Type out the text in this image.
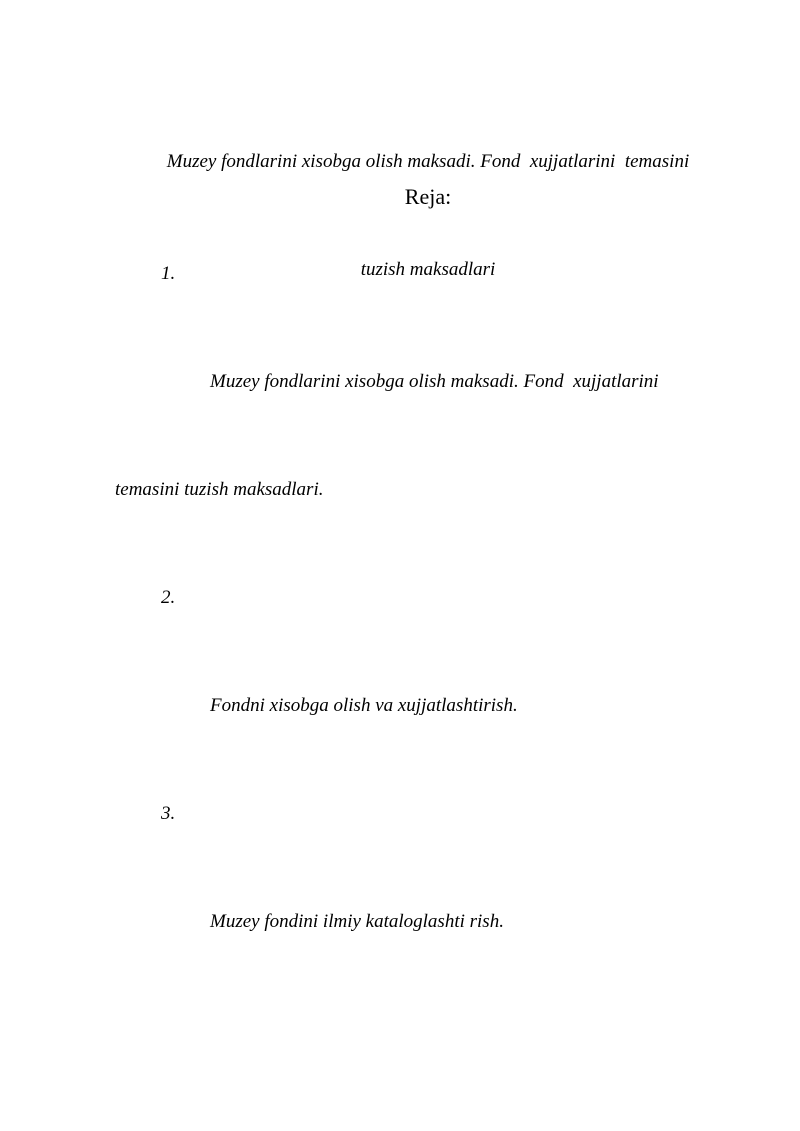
Muzey fondlarini xisobga olish maksadi. Fond  xujjatlarini  temasini

tuzish maksadlari

Reja:

1.

Muzey fondlarini xisobga olish maksadi. Fond  xujjatlarini

temasini tuzish maksadlari.

2.

Fondni xisobga olish va xujjatlashtirish.

3.

Muzey fondini ilmiy kataloglashti rish.
